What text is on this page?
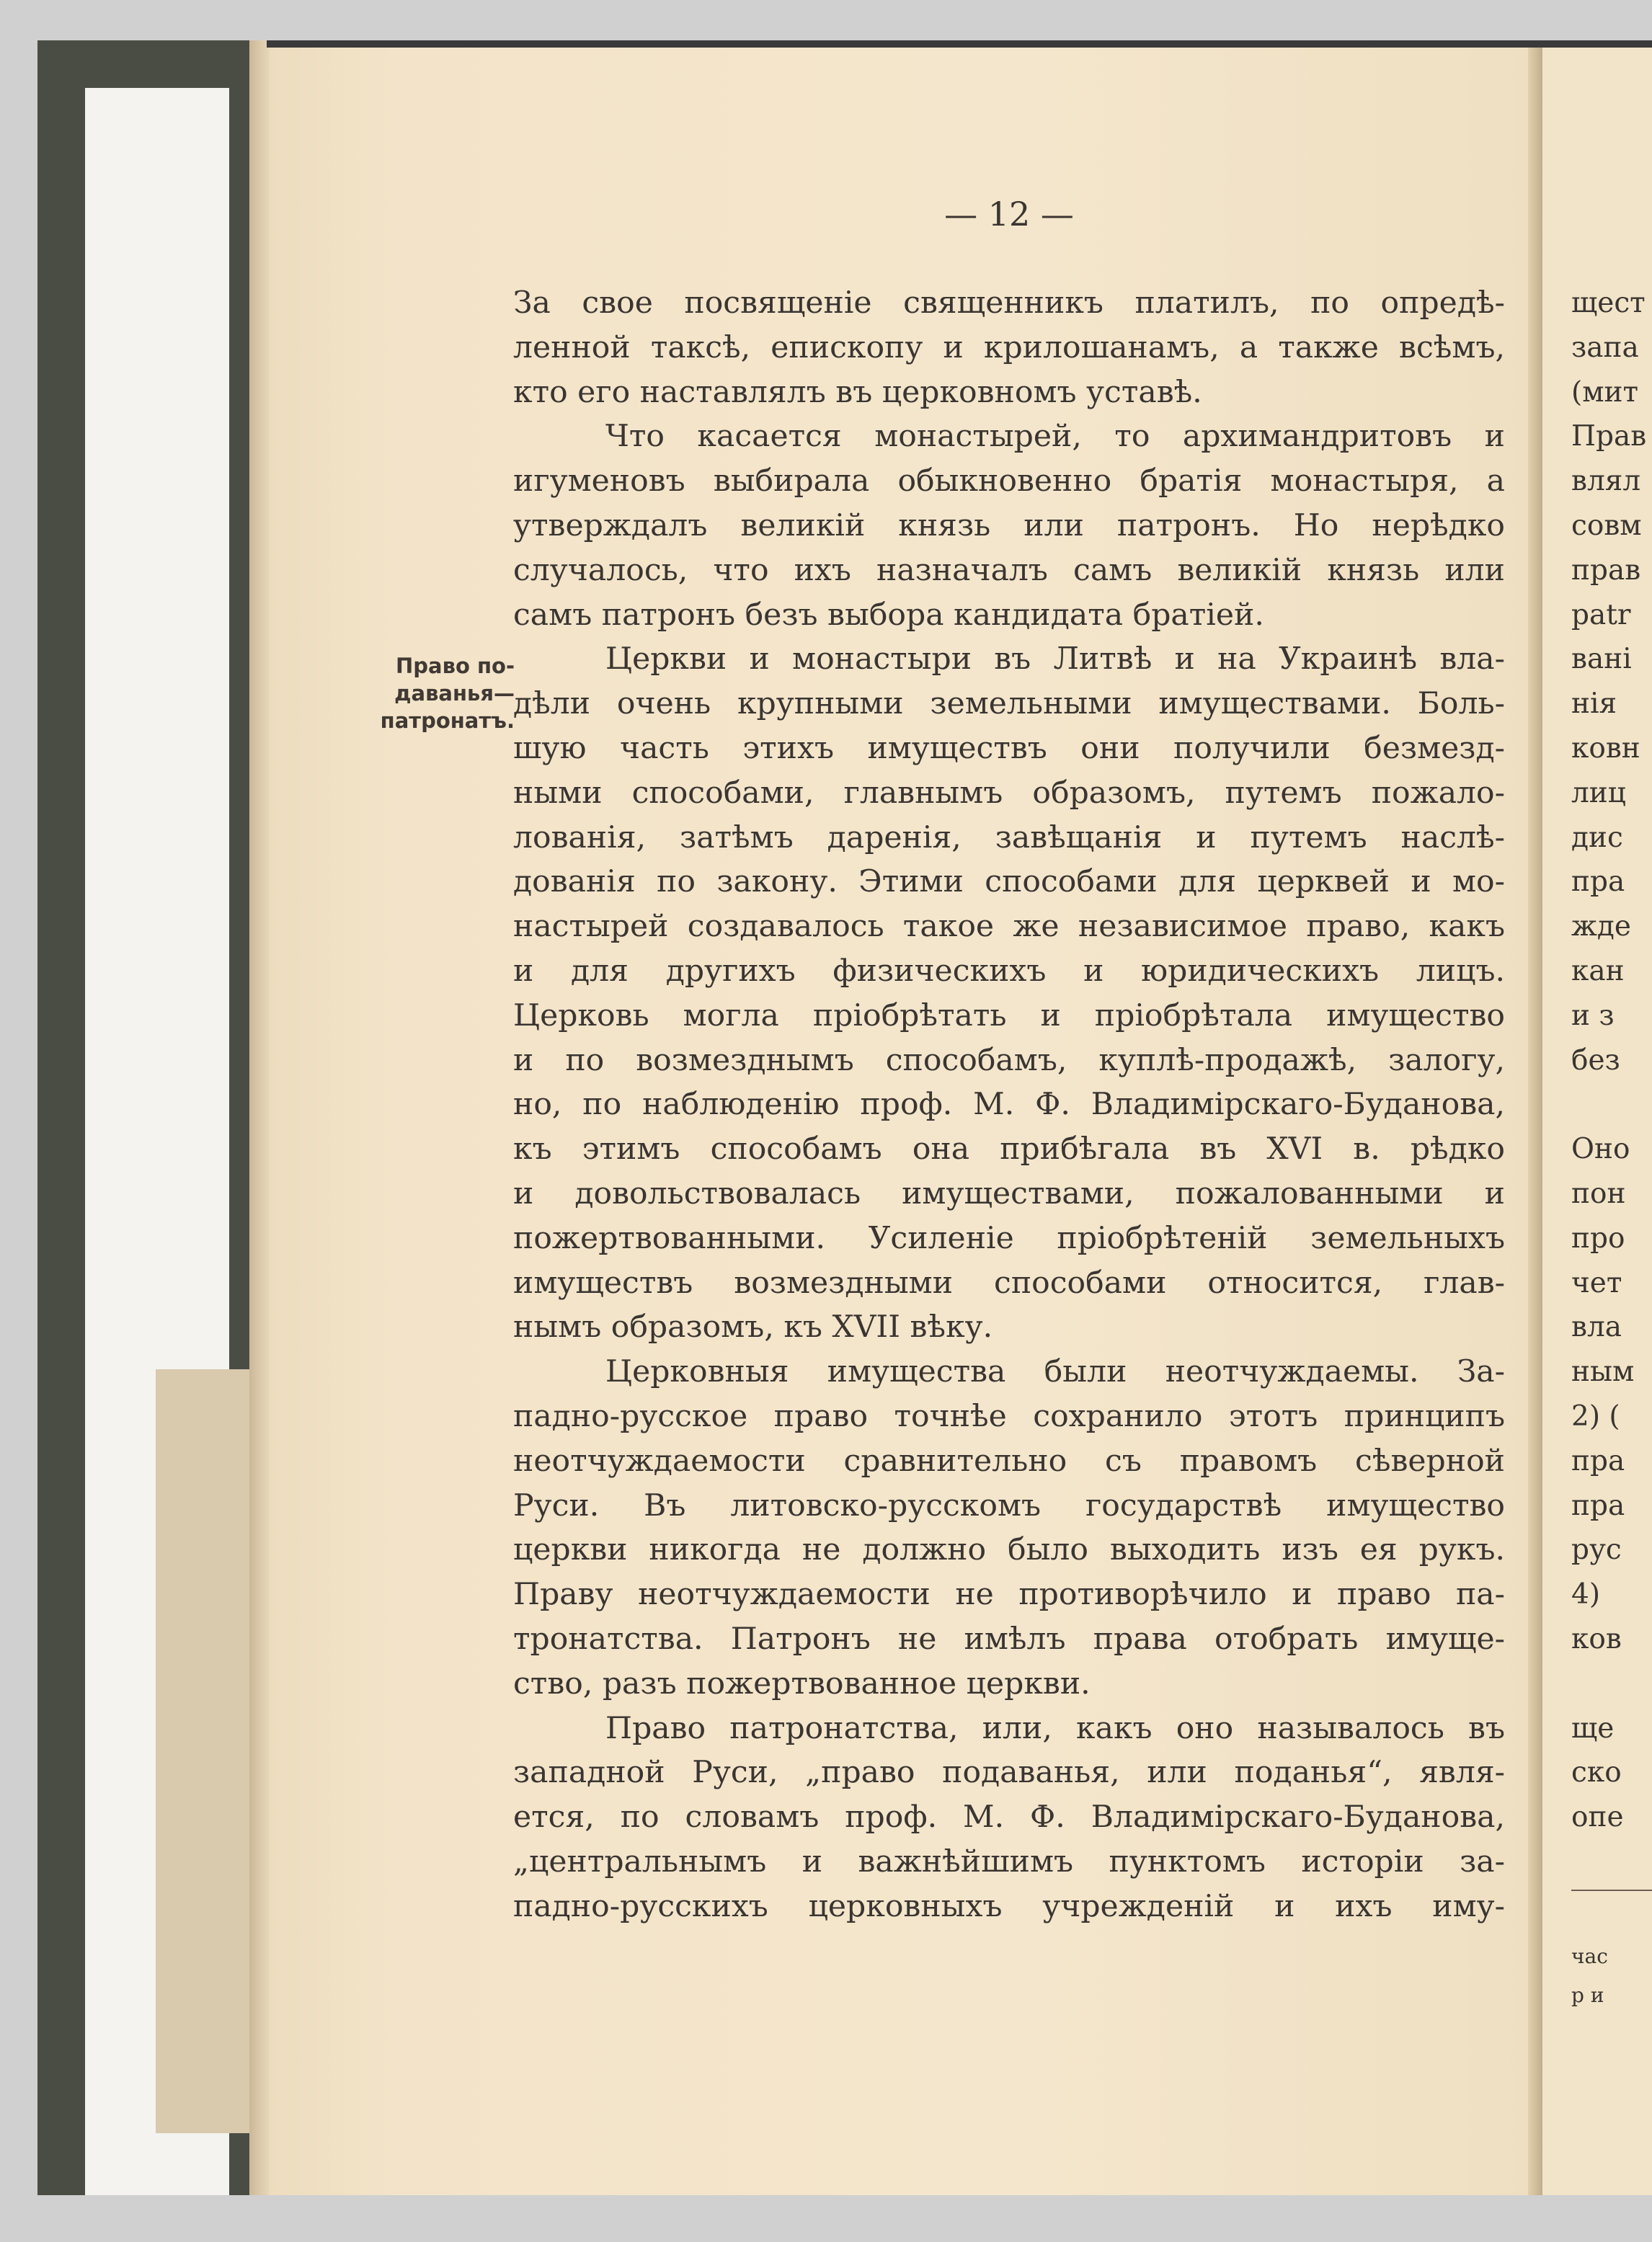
— 12 —
Право по-
даванья—
патронатъ.
За свое посвященіе священникъ платилъ, по опредѣ-
ленной таксѣ, епископу и крилошанамъ, а также всѣмъ,
кто его наставлялъ въ церковномъ уставѣ.
Что касается монастырей, то архимандритовъ и
игуменовъ выбирала обыкновенно братія монастыря, а
утверждалъ великій князь или патронъ. Но нерѣдко
случалось, что ихъ назначалъ самъ великій князь или
самъ патронъ безъ выбора кандидата братіей.
Церкви и монастыри въ Литвѣ и на Украинѣ вла-
дѣли очень крупными земельными имуществами. Боль-
шую часть этихъ имуществъ они получили безмезд-
ными способами, главнымъ образомъ, путемъ пожало-
лованія, затѣмъ даренія, завѣщанія и путемъ наслѣ-
дованія по закону. Этими способами для церквей и мо-
настырей создавалось такое же независимое право, какъ
и для другихъ физическихъ и юридическихъ лицъ.
Церковь могла пріобрѣтать и пріобрѣтала имущество
и по возмезднымъ способамъ, куплѣ-продажѣ, залогу,
но, по наблюденію проф. М. Ф. Владимірскаго-Буданова,
къ этимъ способамъ она прибѣгала въ XVI в. рѣдко
и довольствовалась имуществами, пожалованными и
пожертвованными. Усиленіе пріобрѣтеній земельныхъ
имуществъ возмездными способами относится, глав-
нымъ образомъ, къ XVII вѣку.
Церковныя имущества были неотчуждаемы. За-
падно-русское право точнѣе сохранило этотъ принципъ
неотчуждаемости сравнительно съ правомъ сѣверной
Руси. Въ литовско-русскомъ государствѣ имущество
церкви никогда не должно было выходить изъ ея рукъ.
Праву неотчуждаемости не противорѣчило и право па-
тронатства. Патронъ не имѣлъ права отобрать имуще-
ство, разъ пожертвованное церкви.
Право патронатства, или, какъ оно называлось въ
западной Руси, „право подаванья, или поданья“, явля-
ется, по словамъ проф. М. Ф. Владимірскаго-Буданова,
„центральнымъ и важнѣйшимъ пунктомъ исторіи за-
падно-русскихъ церковныхъ учрежденій и ихъ иму-
щест
запа
(мит
Прав
влял
совм
прав
patr
вані
нія
ковн
лиц
дис
пра
жде
кан
и з
без
Оно
пон
про
чет
вла
ным
2) (
пра
пра
рус
4)
ков
ще
ско
опе
час
р и
